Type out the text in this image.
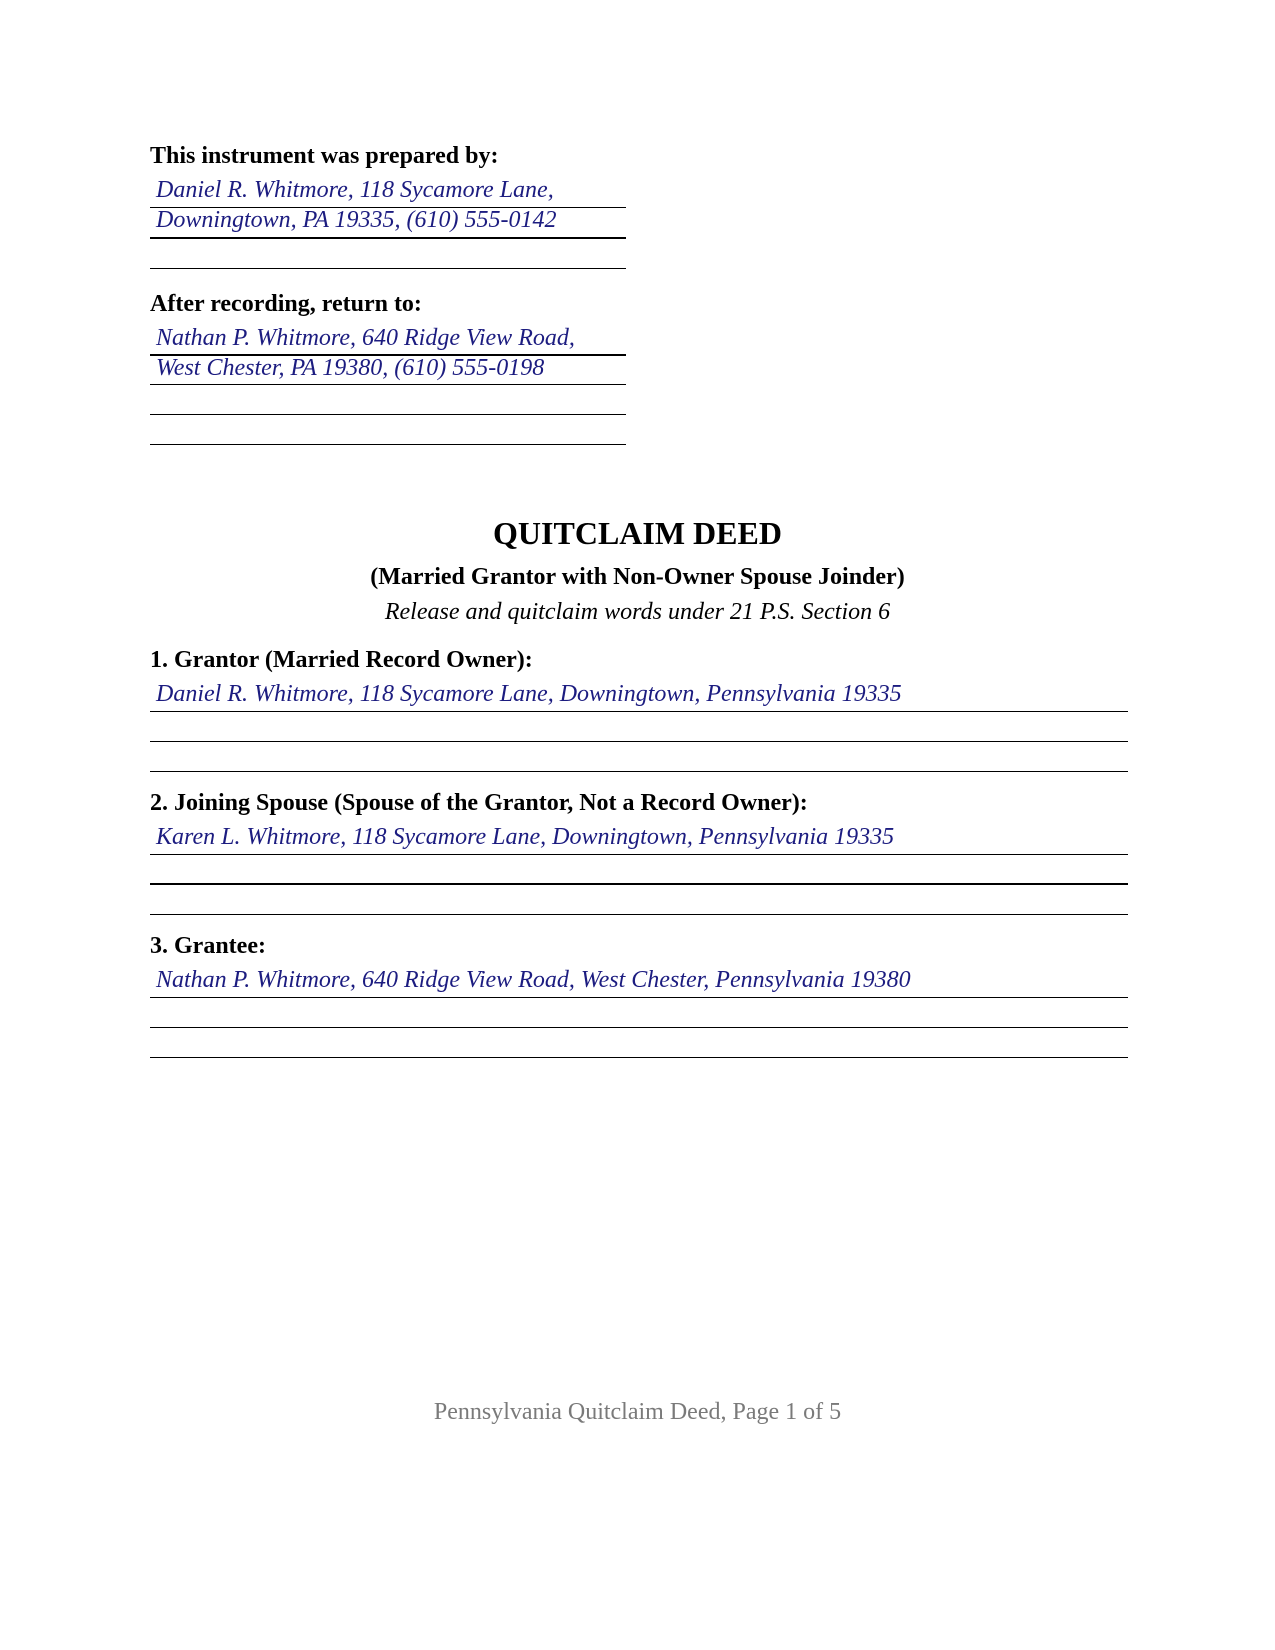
This instrument was prepared by:
Daniel R. Whitmore, 118 Sycamore Lane,
Downingtown, PA 19335, (610) 555-0142
After recording, return to:
Nathan P. Whitmore, 640 Ridge View Road,
West Chester, PA 19380, (610) 555-0198
QUITCLAIM DEED
(Married Grantor with Non-Owner Spouse Joinder)
Release and quitclaim words under 21 P.S. Section 6
1. Grantor (Married Record Owner):
Daniel R. Whitmore, 118 Sycamore Lane, Downingtown, Pennsylvania 19335
2. Joining Spouse (Spouse of the Grantor, Not a Record Owner):
Karen L. Whitmore, 118 Sycamore Lane, Downingtown, Pennsylvania 19335
3. Grantee:
Nathan P. Whitmore, 640 Ridge View Road, West Chester, Pennsylvania 19380
Pennsylvania Quitclaim Deed, Page 1 of 5
